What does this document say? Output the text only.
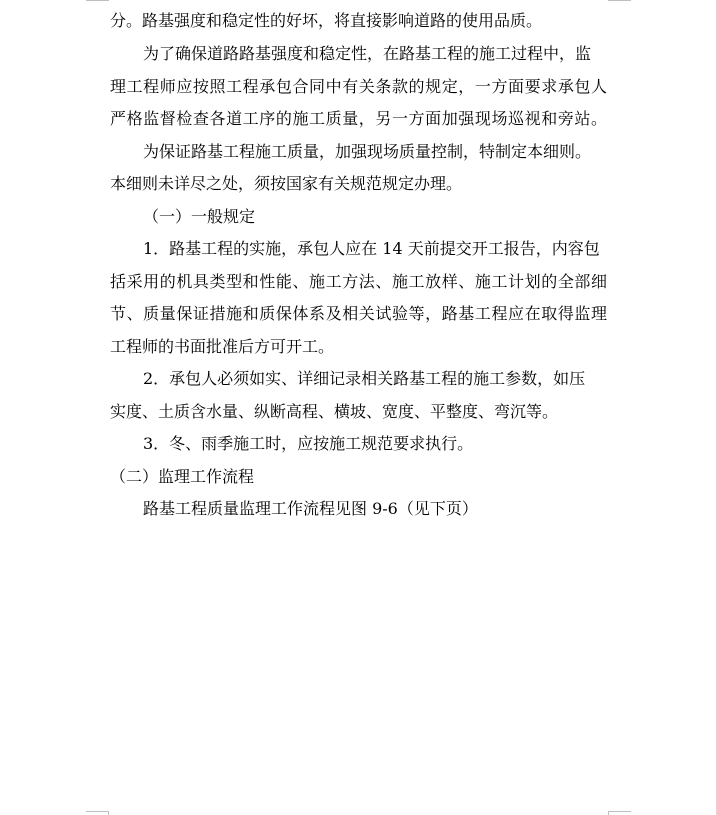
分。路基强度和稳定性的好坏，将直接影响道路的使用品质。
为了确保道路路基强度和稳定性，在路基工程的施工过程中，监
理工程师应按照工程承包合同中有关条款的规定，一方面要求承包人
严格监督检查各道工序的施工质量，另一方面加强现场巡视和旁站。
为保证路基工程施工质量，加强现场质量控制，特制定本细则。
本细则未详尽之处，须按国家有关规范规定办理。
（一）一般规定
1．路基工程的实施，承包人应在 14 天前提交开工报告，内容包
括采用的机具类型和性能、施工方法、施工放样、施工计划的全部细
节、质量保证措施和质保体系及相关试验等，路基工程应在取得监理
工程师的书面批准后方可开工。
2．承包人必须如实、详细记录相关路基工程的施工参数，如压
实度、土质含水量、纵断高程、横坡、宽度、平整度、弯沉等。
3．冬、雨季施工时，应按施工规范要求执行。
（二）监理工作流程
路基工程质量监理工作流程见图 9-6（见下页）
